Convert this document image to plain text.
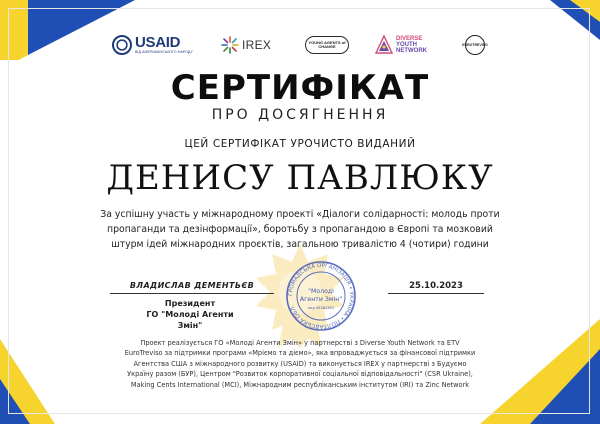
USAID
ВІД АМЕРИКАНСЬКОГО НАРОДУ
IREX	YOUNG AGENTS of CHANGE
DIVERSE
YOUTH
NETWORK
EUROTREVISO
СЕРТИФІКАТ
ПРО ДОСЯГНЕННЯ
ЦЕЙ СЕРТИФІКАТ УРОЧИСТО ВИДАНИЙ
ДЕНИСУ ПАВЛЮКУ
За успішну участь у міжнародному проекті «Діалоги солідарності: молодь проти
пропаганди та дезінформації», боротьбу з пропагандою в Європі та мозковий
штурм ідей міжнародних проєктів, загальною тривалістю 4 (чотири) години
ВЛАДИСЛАВ ДЕМЕНТЬЄВ	25.10.2023
Президент
ГО "Молоді Агенти
Змін"
ГРОМАДСЬКА ОРГАНІЗАЦІЯ • УКРАЇНА • ПОЛТАВСЬКА ОБЛ.
"Молоді
Агенти Змін"
код 45362391
Проект реалізується ГО «Молоді Агенти Змін» у партнерстві з Diverse Youth Network та ETV
EuroTreviso за підтримки програми «Мріємо та діємо», яка впроваджується за фінансової підтримки
Агентства США з міжнародного розвитку (USAID) та виконується IREX у партнерстві з Будуємо
Україну разом (БУР), Центром "Розвиток корпоративної соціальної відповідальності" (CSR Ukraine),
Making Cents International (MCI), Міжнародним республіканським інститутом (IRI) та Zinc Network
